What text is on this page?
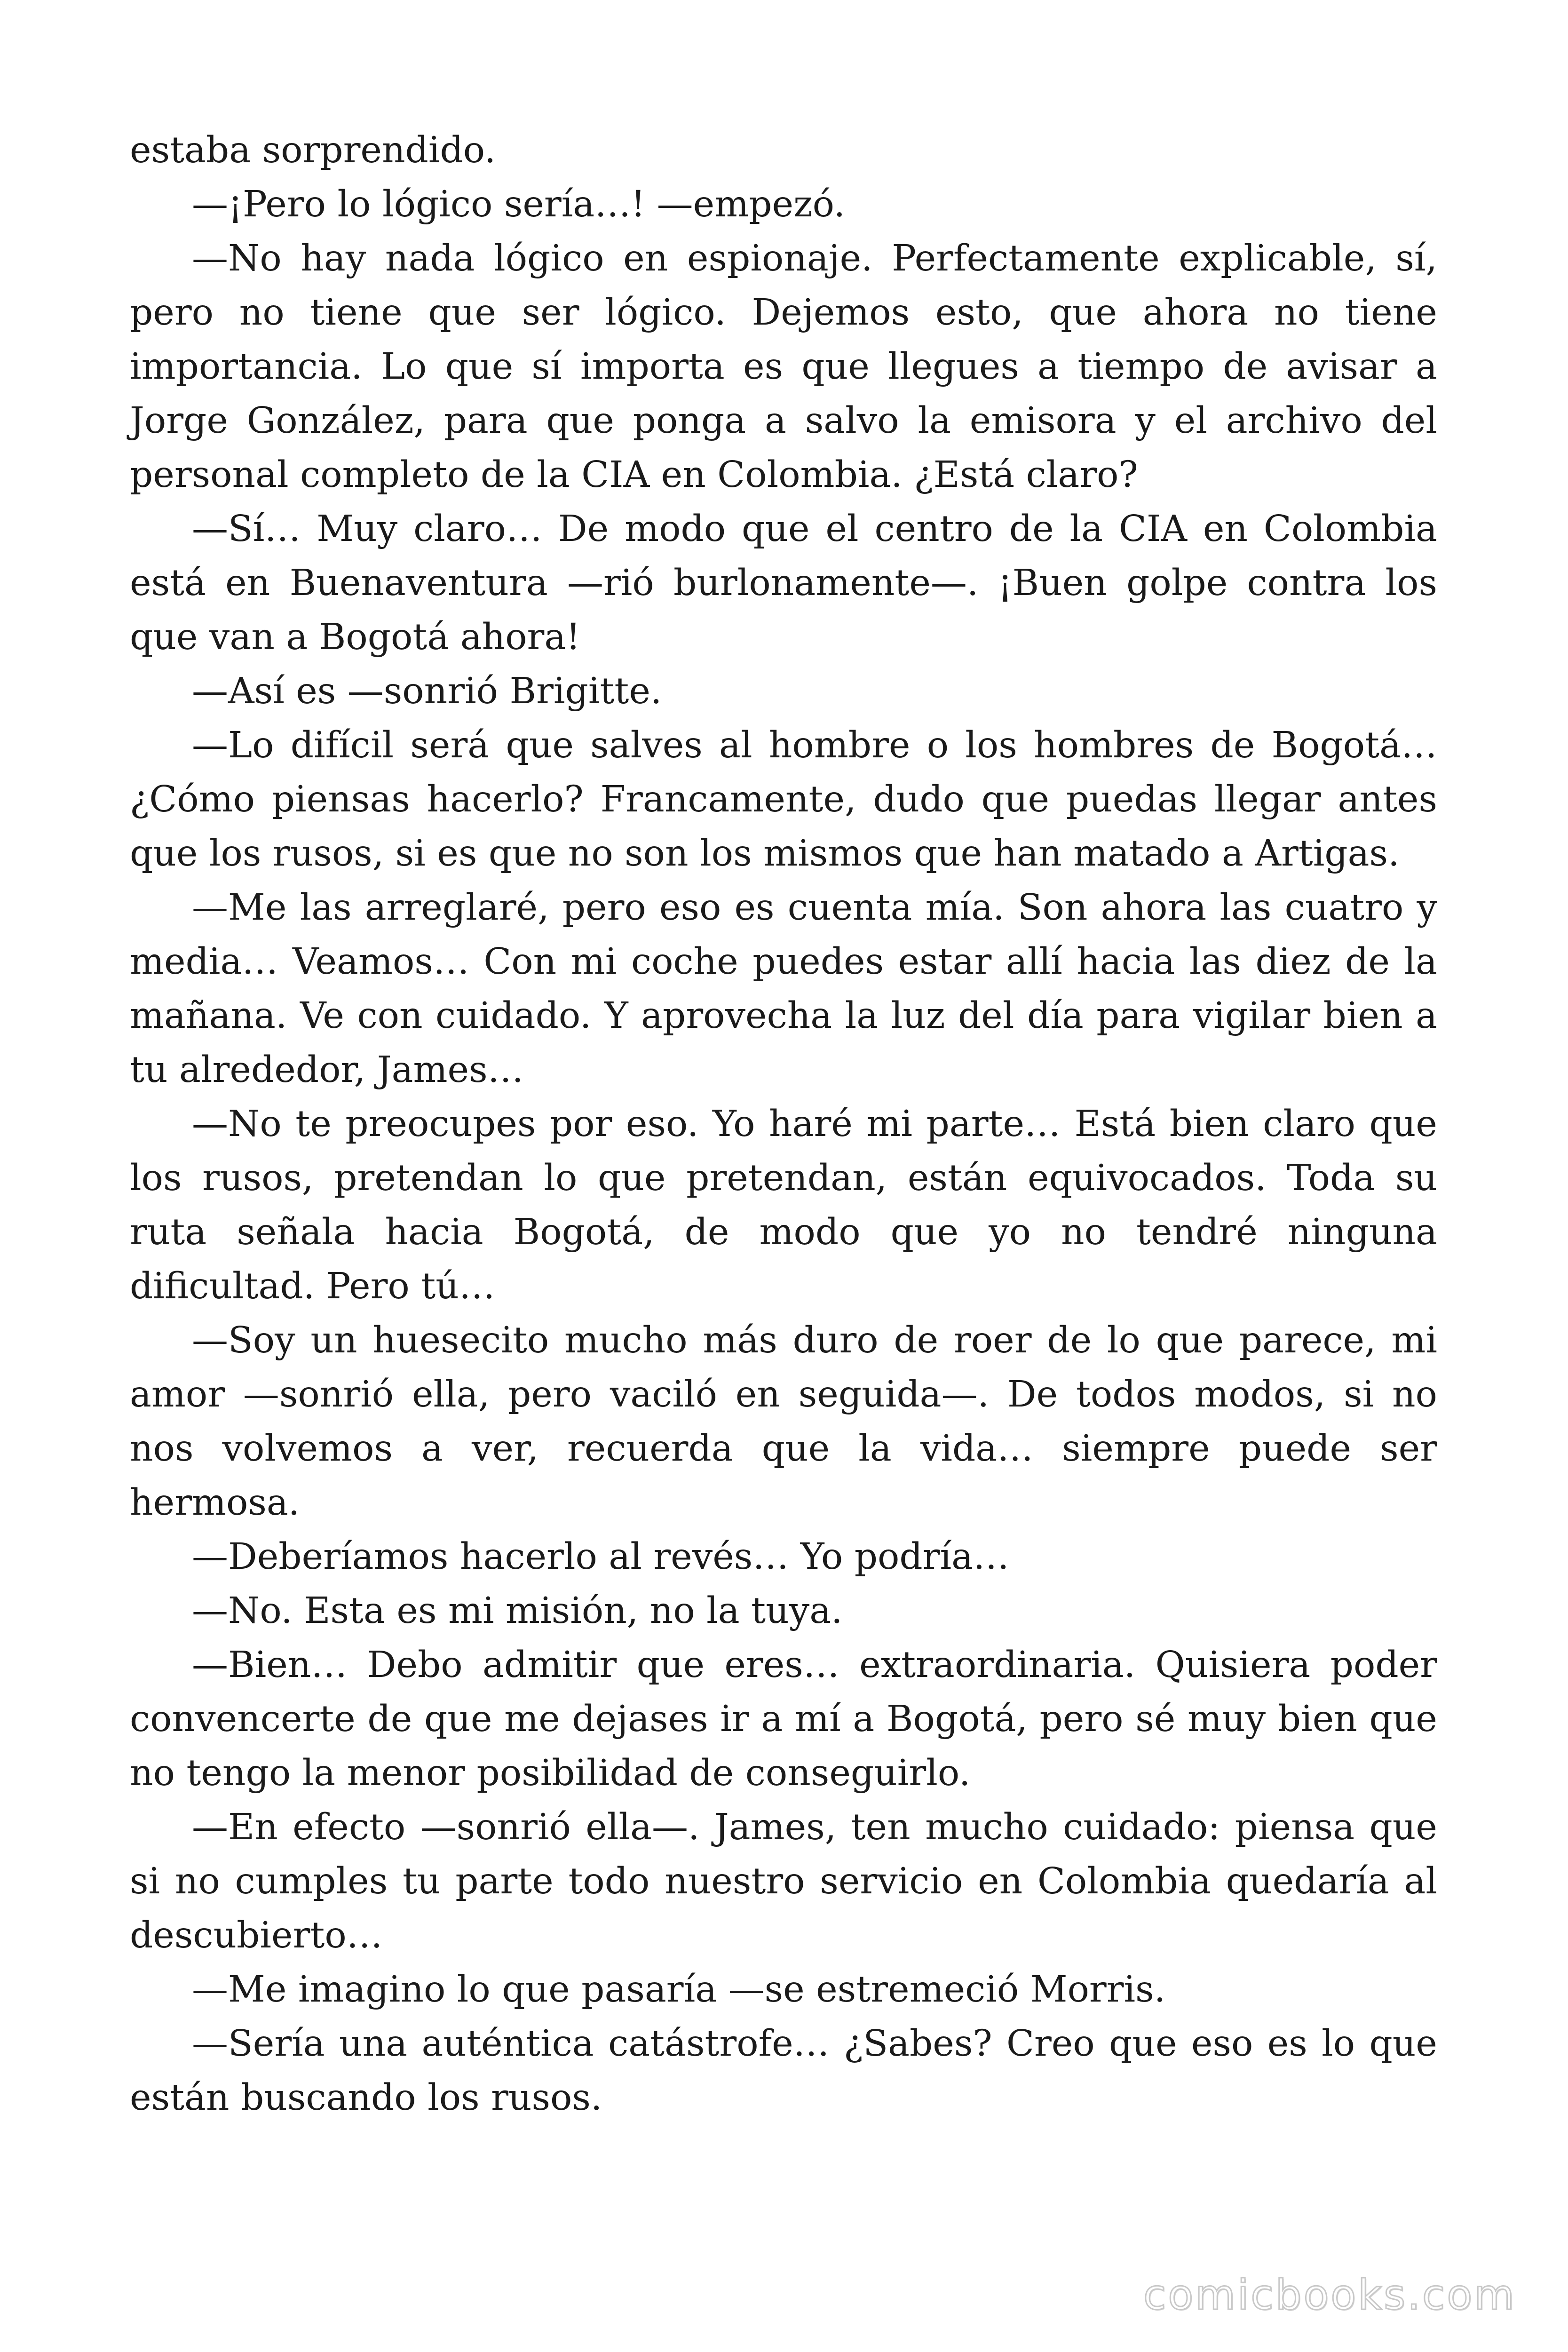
estaba sorprendido.

—¡Pero lo lógico sería…! —empezó.

—No hay nada lógico en espionaje. Perfectamente explicable, sí, pero no tiene que ser lógico. Dejemos esto, que ahora no tiene importancia. Lo que sí importa es que llegues a tiempo de avisar a Jorge González, para que ponga a salvo la emisora y el archivo del personal completo de la CIA en Colombia. ¿Está claro?

—Sí… Muy claro… De modo que el centro de la CIA en Colombia está en Buenaventura —rió burlonamente—. ¡Buen golpe contra los que van a Bogotá ahora!

—Así es —sonrió Brigitte.

—Lo difícil será que salves al hombre o los hombres de Bogotá… ¿Cómo piensas hacerlo? Francamente, dudo que puedas llegar antes que los rusos, si es que no son los mismos que han matado a Artigas.

—Me las arreglaré, pero eso es cuenta mía. Son ahora las cuatro y media… Veamos… Con mi coche puedes estar allí hacia las diez de la mañana. Ve con cuidado. Y aprovecha la luz del día para vigilar bien a tu alrededor, James…

—No te preocupes por eso. Yo haré mi parte… Está bien claro que los rusos, pretendan lo que pretendan, están equivocados. Toda su ruta señala hacia Bogotá, de modo que yo no tendré ninguna dificultad. Pero tú…

—Soy un huesecito mucho más duro de roer de lo que parece, mi amor —sonrió ella, pero vaciló en seguida—. De todos modos, si no nos volvemos a ver, recuerda que la vida… siempre puede ser hermosa.

—Deberíamos hacerlo al revés… Yo podría…

—No. Esta es mi misión, no la tuya.

—Bien… Debo admitir que eres… extraordinaria. Quisiera poder convencerte de que me dejases ir a mí a Bogotá, pero sé muy bien que no tengo la menor posibilidad de conseguirlo.

—En efecto —sonrió ella—. James, ten mucho cuidado: piensa que si no cumples tu parte todo nuestro servicio en Colombia quedaría al descubierto…

—Me imagino lo que pasaría —se estremeció Morris.

—Sería una auténtica catástrofe… ¿Sabes? Creo que eso es lo que están buscando los rusos.

comicbooks.com
